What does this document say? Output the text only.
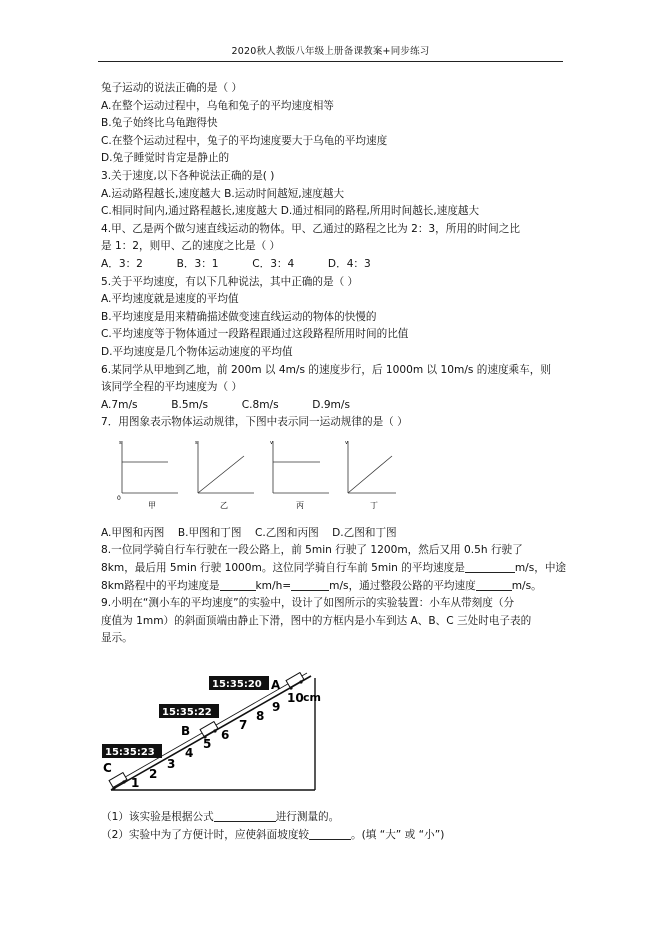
2020秋人教版八年级上册备课教案+同步练习
兔子运动的说法正确的是（ ）
A.在整个运动过程中，乌龟和兔子的平均速度相等
B.兔子始终比乌龟跑得快
C.在整个运动过程中，兔子的平均速度要大于乌龟的平均速度
D.兔子睡觉时肯定是静止的
3.关于速度,以下各种说法正确的是( )
A.运动路程越长,速度越大 B.运动时间越短,速度越大
C.相同时间内,通过路程越长,速度越大 D.通过相同的路程,所用时间越长,速度越大
4.甲、乙是两个做匀速直线运动的物体。甲、乙通过的路程之比为 2：3，所用的时间之比
是 1：2，则甲、乙的速度之比是（ ）
A．3：2          B．3：1          C．3：4          D．4：3
5.关于平均速度，有以下几种说法，其中正确的是（ ）
A.平均速度就是速度的平均值
B.平均速度是用来精确描述做变速直线运动的物体的快慢的
C.平均速度等于物体通过一段路程跟通过这段路程所用时间的比值
D.平均速度是几个物体运动速度的平均值
6.某同学从甲地到乙地，前 200m 以 4m/s 的速度步行，后 1000m 以 10m/s 的速度乘车，则
该同学全程的平均速度为（ ）
A.7m/s          B.5m/s          C.8m/s          D.9m/s
7．用图象表示物体运动规律，下图中表示同一运动规律的是（ ）
A.甲图和丙图    B.甲图和丁图    C.乙图和丙图    D.乙图和丁图
8.一位同学骑自行车行驶在一段公路上，前 5min 行驶了 1200m，然后又用 0.5h 行驶了
8km，最后用 5min 行驶 1000m。这位同学骑自行车前 5min 的平均速度是	m/s，中途
8km路程中的平均速度是	km/h=	m/s，通过整段公路的平均速度	m/s。
9.小明在“测小车的平均速度”的实验中，设计了如图所示的实验装置：小车从带刻度（分
度值为 1mm）的斜面顶端由静止下滑，图中的方框内是小车到达 A、B、C 三处时电子表的
显示。
s
0
甲
s
乙
v
丙
v
丁
15:35:20
15:35:22
15:35:23
A
B
C
1
2
3
4
5
6
7
8
9
10 cm
（1）该实验是根据公式	进行测量的。
（2）实验中为了方便计时，应使斜面坡度较	。(填 “大” 或 “小”)
